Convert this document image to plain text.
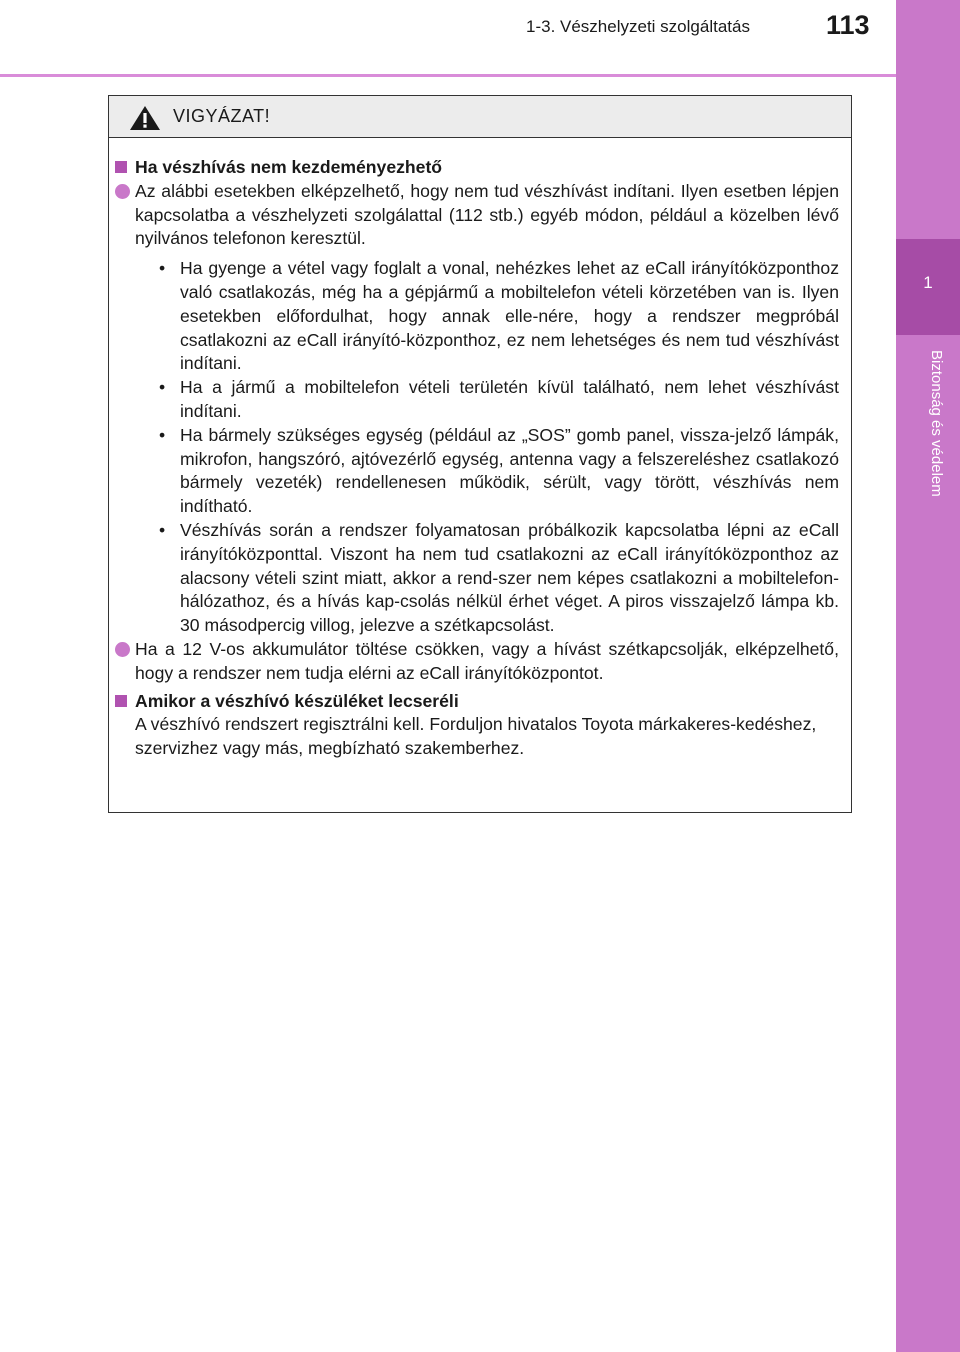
1-3. Vészhelyzeti szolgáltatás	113
1
Biztonság és védelem
VIGYÁZAT!
Ha vészhívás nem kezdeményezhető
Az alábbi esetekben elképzelhető, hogy nem tud vészhívást indítani. Ilyen esetben lépjen kapcsolatba a vészhelyzeti szolgálattal (112 stb.) egyéb módon, például a közelben lévő nyilvános telefonon keresztül.
• Ha gyenge a vétel vagy foglalt a vonal, nehézkes lehet az eCall irányítóközponthoz való csatlakozás, még ha a gépjármű a mobiltelefon vételi körzetében van is. Ilyen esetekben előfordulhat, hogy annak elle-nére, hogy a rendszer megpróbál csatlakozni az eCall irányító-központhoz, ez nem lehetséges és nem tud vészhívást indítani.
• Ha a jármű a mobiltelefon vételi területén kívül található, nem lehet vészhívást indítani.
• Ha bármely szükséges egység (például az „SOS” gomb panel, vissza-jelző lámpák, mikrofon, hangszóró, ajtóvezérlő egység, antenna vagy a felszereléshez csatlakozó bármely vezeték) rendellenesen működik, sérült, vagy törött, vészhívás nem indítható.
• Vészhívás során a rendszer folyamatosan próbálkozik kapcsolatba lépni az eCall irányítóközponttal. Viszont ha nem tud csatlakozni az eCall irányítóközponthoz az alacsony vételi szint miatt, akkor a rend-szer nem képes csatlakozni a mobiltelefon-hálózathoz, és a hívás kap-csolás nélkül érhet véget. A piros visszajelző lámpa kb. 30 másodpercig villog, jelezve a szétkapcsolást.
Ha a 12 V-os akkumulátor töltése csökken, vagy a hívást szétkapcsolják, elképzelhető, hogy a rendszer nem tudja elérni az eCall irányítóközpontot.
Amikor a vészhívó készüléket lecseréli
A vészhívó rendszert regisztrálni kell. Forduljon hivatalos Toyota márkakeres-kedéshez, szervizhez vagy más, megbízható szakemberhez.
